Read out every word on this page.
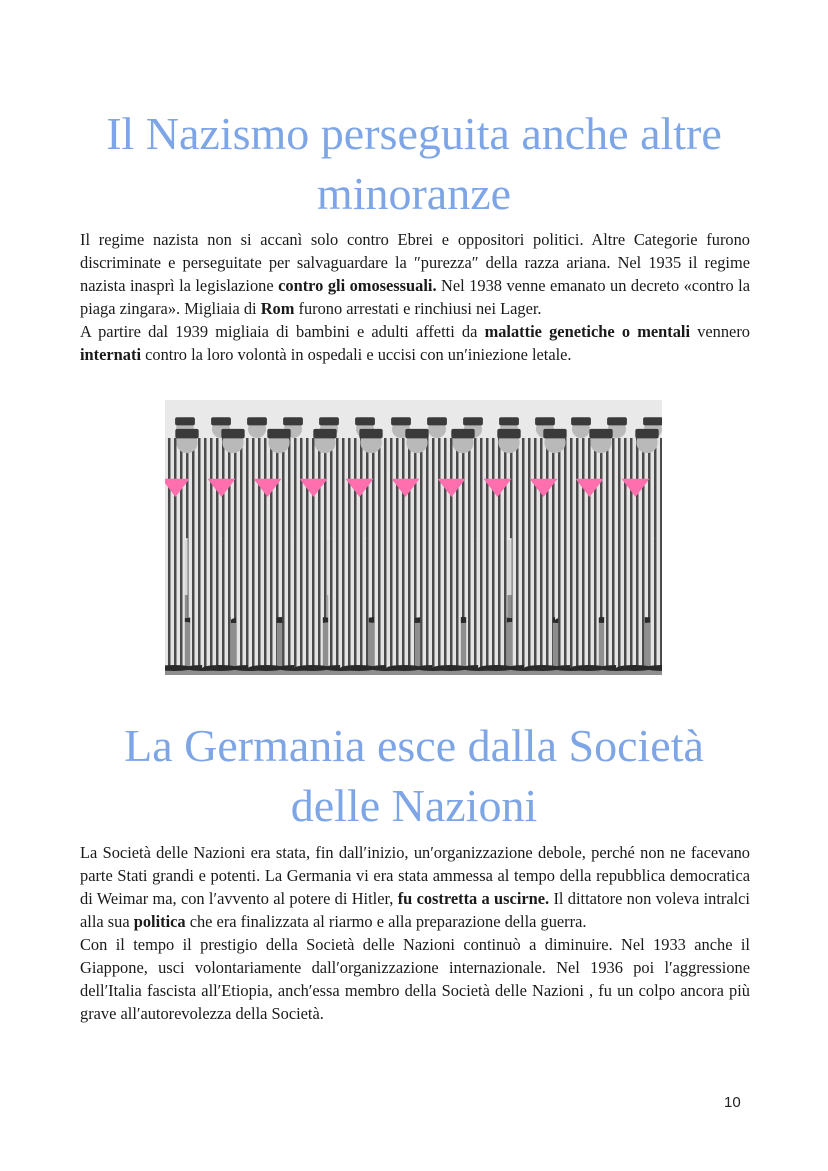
Il Nazismo perseguita anche altre
minoranze

Il regime nazista non si accanì solo contro Ebrei e oppositori politici. Altre Categorie furono discriminate e perseguitate per salvaguardare la ″purezza″ della razza ariana. Nel 1935 il regime nazista inasprì la legislazione contro gli omosessuali. Nel 1938 venne emanato un decreto «contro la piaga zingara». Migliaia di Rom furono arrestati e rinchiusi nei Lager.
A partire dal 1939 migliaia di bambini e adulti affetti da malattie genetiche o mentali vennero internati contro la loro volontà in ospedali e uccisi con un′iniezione letale.

La Germania esce dalla Società
delle Nazioni

La Società delle Nazioni era stata, fin dall′inizio, un′organizzazione debole, perché non ne facevano parte Stati grandi e potenti. La Germania vi era stata ammessa al tempo della repubblica democratica di Weimar ma, con l′avvento al potere di Hitler, fu costretta a uscirne. Il dittatore non voleva intralci alla sua politica che era finalizzata al riarmo e alla preparazione della guerra.
Con il tempo il prestigio della Società delle Nazioni continuò a diminuire. Nel 1933 anche il Giappone, usci volontariamente dall′organizzazione internazionale. Nel 1936 poi l′aggressione dell′Italia fascista all′Etiopia, anch′essa membro della Società delle Nazioni , fu un colpo ancora più grave all′autorevolezza della Società.

10
